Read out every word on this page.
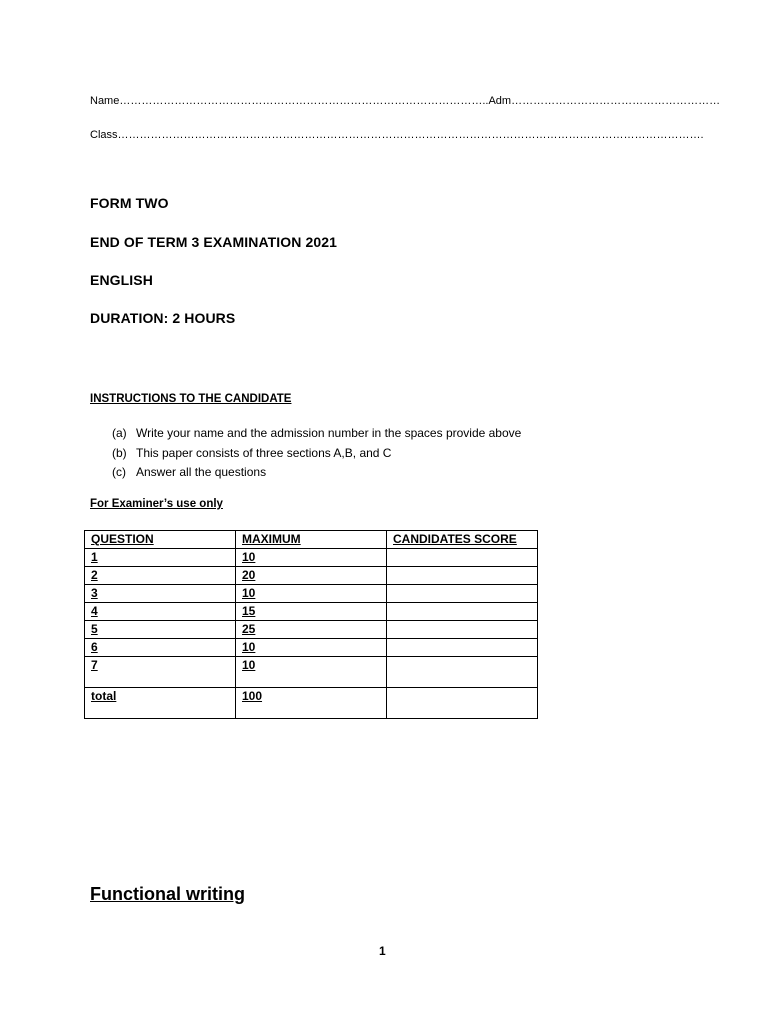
Name………………………………………………………………………………………..Adm…………………………………………………
Class…………………………………………………………………………………………………………………………………………….
FORM TWO
END OF TERM 3 EXAMINATION 2021
ENGLISH
DURATION: 2 HOURS
INSTRUCTIONS TO THE CANDIDATE
(a) Write your name and the admission number in the spaces provide above
(b) This paper consists of three sections A,B, and C
(c) Answer all the questions
For Examiner’s use only
QUESTION	MAXIMUM	CANDIDATES SCORE
1	10	
2	20	
3	10	
4	15	
5	25	
6	10	
7	10	
total	100	
Functional writing
1
